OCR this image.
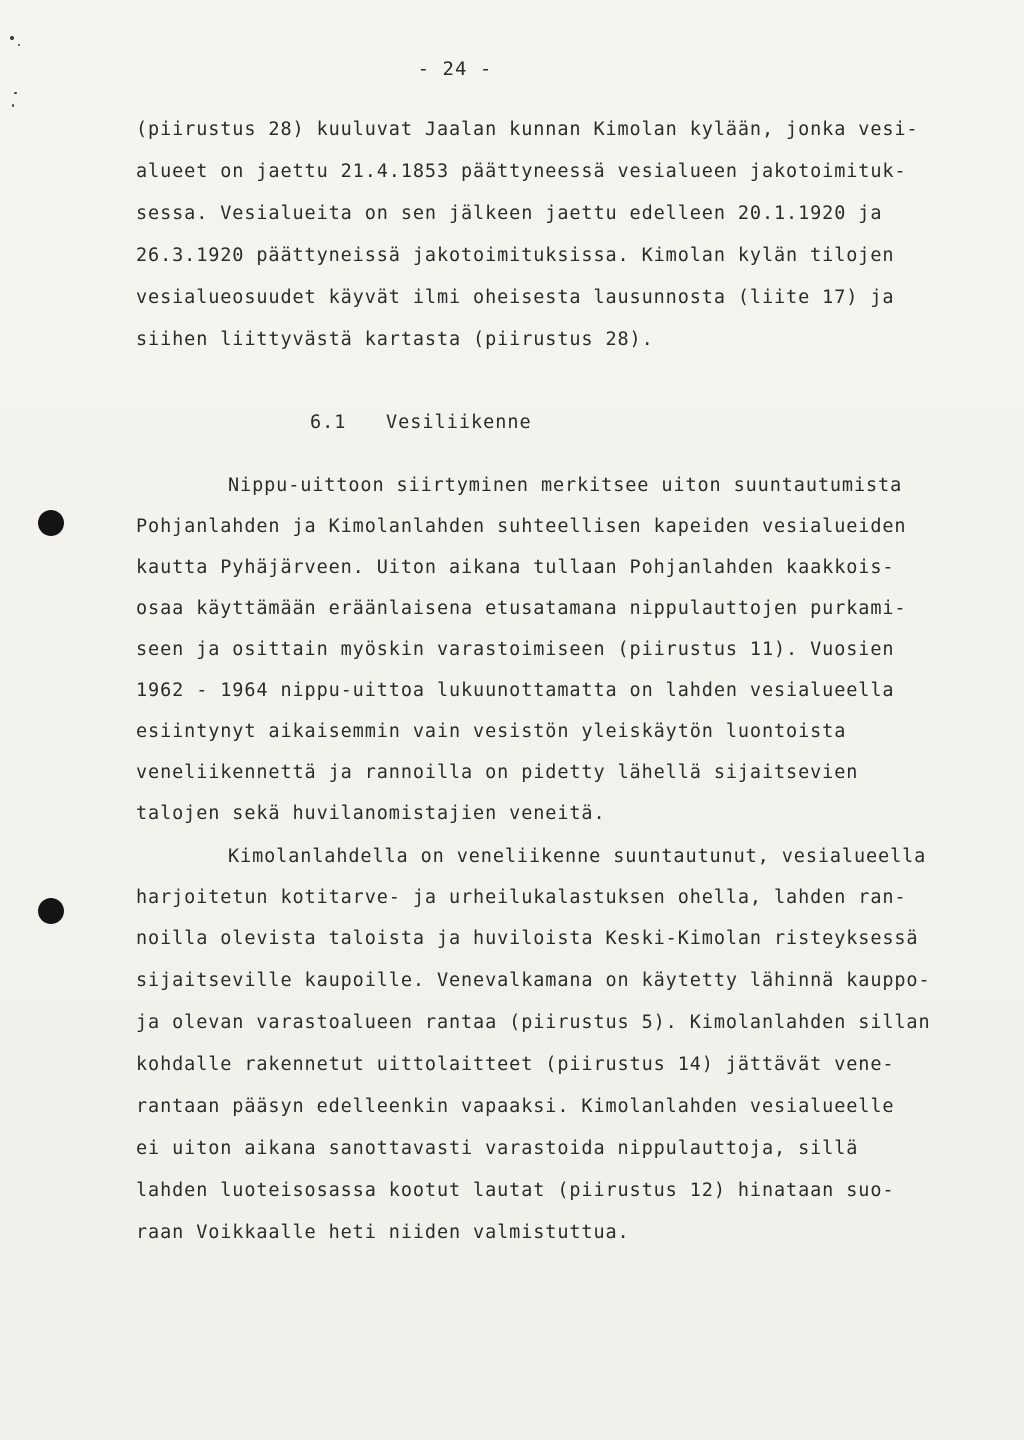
- 24 -
(piirustus 28) kuuluvat Jaalan kunnan Kimolan kylään, jonka vesi-
alueet on jaettu 21.4.1853 päättyneessä vesialueen jakotoimituk-
sessa. Vesialueita on sen jälkeen jaettu edelleen 20.1.1920 ja
26.3.1920 päättyneissä jakotoimituksissa. Kimolan kylän tilojen
vesialueosuudet käyvät ilmi oheisesta lausunnosta (liite 17) ja
siihen liittyvästä kartasta (piirustus 28).
6.1 Vesiliikenne
Nippu-uittoon siirtyminen merkitsee uiton suuntautumista
Pohjanlahden ja Kimolanlahden suhteellisen kapeiden vesialueiden
kautta Pyhäjärveen. Uiton aikana tullaan Pohjanlahden kaakkois-
osaa käyttämään eräänlaisena etusatamana nippulauttojen purkami-
seen ja osittain myöskin varastoimiseen (piirustus 11). Vuosien
1962 - 1964 nippu-uittoa lukuunottamatta on lahden vesialueella
esiintynyt aikaisemmin vain vesistön yleiskäytön luontoista
veneliikennettä ja rannoilla on pidetty lähellä sijaitsevien
talojen sekä huvilanomistajien veneitä.
Kimolanlahdella on veneliikenne suuntautunut, vesialueella
harjoitetun kotitarve- ja urheilukalastuksen ohella, lahden ran-
noilla olevista taloista ja huviloista Keski-Kimolan risteyksessä
sijaitseville kaupoille. Venevalkamana on käytetty lähinnä kauppo-
ja olevan varastoalueen rantaa (piirustus 5). Kimolanlahden sillan
kohdalle rakennetut uittolaitteet (piirustus 14) jättävät vene-
rantaan pääsyn edelleenkin vapaaksi. Kimolanlahden vesialueelle
ei uiton aikana sanottavasti varastoida nippulauttoja, sillä
lahden luoteisosassa kootut lautat (piirustus 12) hinataan suo-
raan Voikkaalle heti niiden valmistuttua.
